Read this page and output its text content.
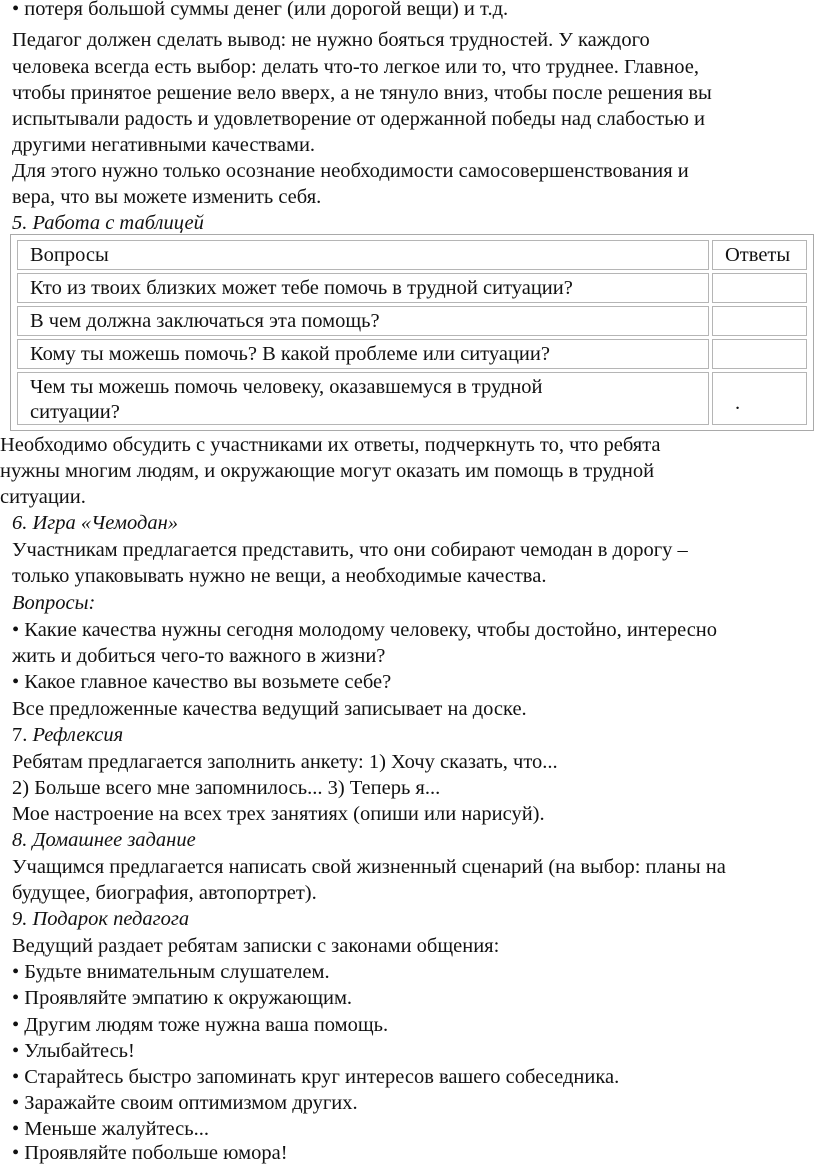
• потеря большой суммы денег (или дорогой вещи) и т.д.
Педагог должен сделать вывод: не нужно бояться трудностей. У каждого
человека всегда есть выбор: делать что-то легкое или то, что труднее. Главное,
чтобы принятое решение вело вверх, а не тянуло вниз, чтобы после решения вы
испытывали радость и удовлетворение от одержанной победы над слабостью и
другими негативными качествами.
Для этого нужно только осознание необходимости самосовершенствования и
вера, что вы можете изменить себя.
5. Работа с таблицей
Вопросы	Ответы
Кто из твоих близких может тебе помочь в трудной ситуации?
В чем должна заключаться эта помощь?
Кому ты можешь помочь? В какой проблеме или ситуации?
Чем ты можешь помочь человеку, оказавшемуся в трудной
ситуации?	.
Необходимо обсудить с участниками их ответы, подчеркнуть то, что ребята
нужны многим людям, и окружающие могут оказать им помощь в трудной
ситуации.
6. Игра «Чемодан»
Участникам предлагается представить, что они собирают чемодан в дорогу –
только упаковывать нужно не вещи, а необходимые качества.
Вопросы:
• Какие качества нужны сегодня молодому человеку, чтобы достойно, интересно
жить и добиться чего-то важного в жизни?
• Какое главное качество вы возьмете себе?
Все предложенные качества ведущий записывает на доске.
7. Рефлексия
Ребятам предлагается заполнить анкету: 1) Хочу сказать, что...
2) Больше всего мне запомнилось... 3) Теперь я...
Мое настроение на всех трех занятиях (опиши или нарисуй).
8. Домашнее задание
Учащимся предлагается написать свой жизненный сценарий (на выбор: планы на
будущее, биография, автопортрет).
9. Подарок педагога
Ведущий раздает ребятам записки с законами общения:
• Будьте внимательным слушателем.
• Проявляйте эмпатию к окружающим.
• Другим людям тоже нужна ваша помощь.
• Улыбайтесь!
• Старайтесь быстро запоминать круг интересов вашего собеседника.
• Заражайте своим оптимизмом других.
• Меньше жалуйтесь...
• Проявляйте побольше юмора!
